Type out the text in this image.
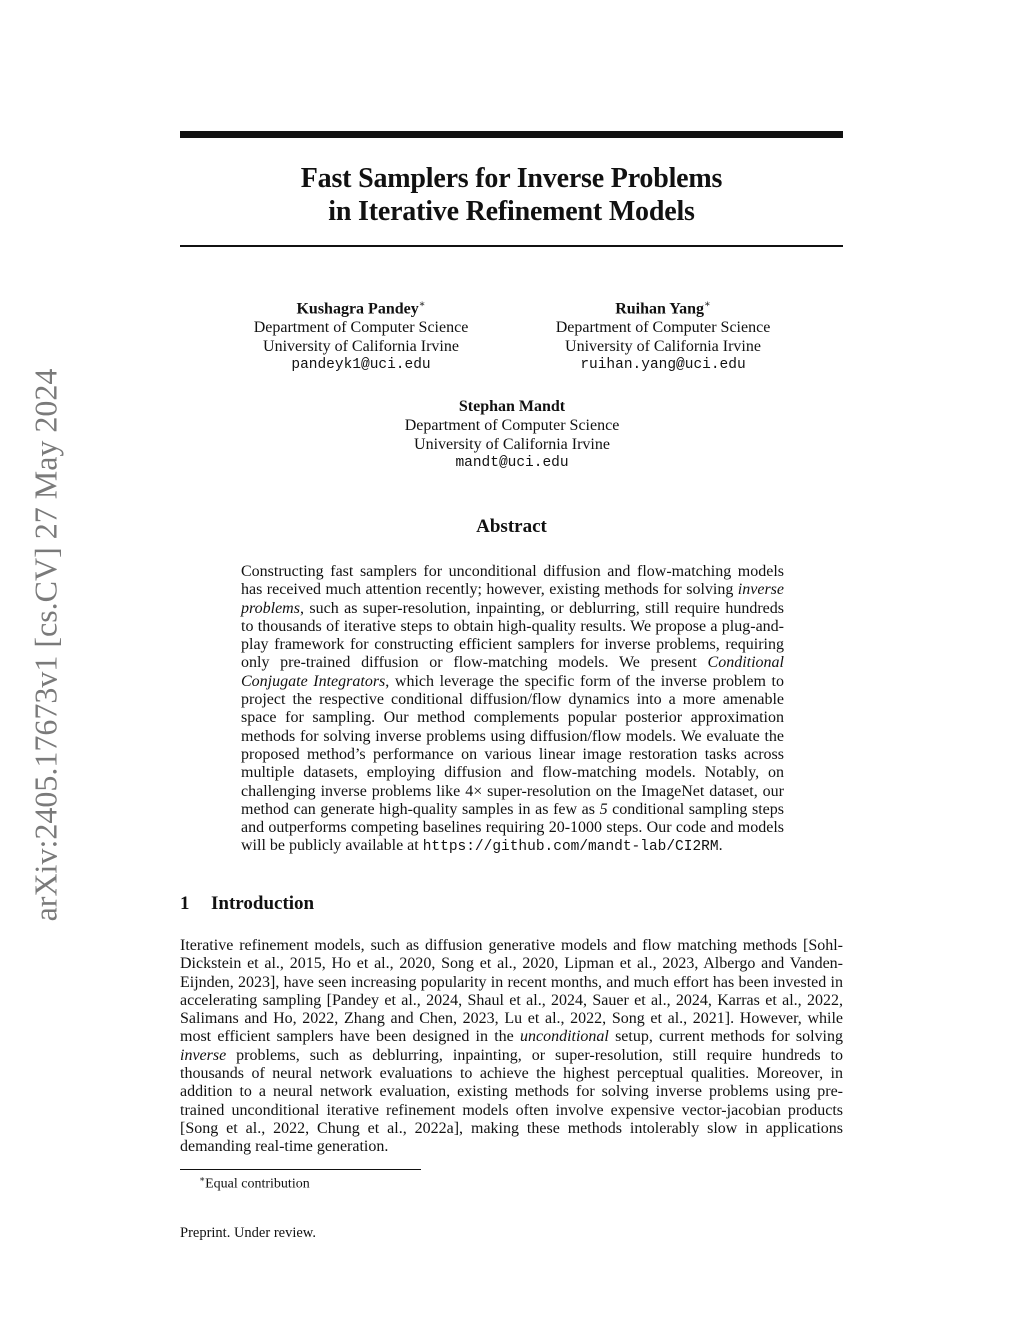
arXiv:2405.17673v1 [cs.CV] 27 May 2024
Fast Samplers for Inverse Problems
in Iterative Refinement Models
Kushagra Pandey∗
Department of Computer Science
University of California Irvine
pandeyk1@uci.edu
Ruihan Yang∗
Department of Computer Science
University of California Irvine
ruihan.yang@uci.edu
Stephan Mandt
Department of Computer Science
University of California Irvine
mandt@uci.edu
Abstract
Constructing fast samplers for unconditional diffusion and flow-matching models has received much attention recently; however, existing methods for solving inverse problems, such as super-resolution, inpainting, or deblurring, still require hundreds to thousands of iterative steps to obtain high-quality results. We propose a plug-and-play framework for constructing efficient samplers for inverse problems, requiring only pre-trained diffusion or flow-matching models. We present Conditional Conjugate Integrators, which leverage the specific form of the inverse problem to project the respective conditional diffusion/flow dynamics into a more amenable space for sampling. Our method complements popular posterior approximation methods for solving inverse problems using diffusion/flow models. We evaluate the proposed method’s performance on various linear image restoration tasks across multiple datasets, employing diffusion and flow-matching models. Notably, on challenging inverse problems like 4× super-resolution on the ImageNet dataset, our method can generate high-quality samples in as few as 5 conditional sampling steps and outperforms competing baselines requiring 20-1000 steps. Our code and models will be publicly available at https://github.com/mandt-lab/CI2RM.
1 Introduction
Iterative refinement models, such as diffusion generative models and flow matching methods [Sohl-Dickstein et al., 2015, Ho et al., 2020, Song et al., 2020, Lipman et al., 2023, Albergo and Vanden-Eijnden, 2023], have seen increasing popularity in recent months, and much effort has been invested in accelerating sampling [Pandey et al., 2024, Shaul et al., 2024, Sauer et al., 2024, Karras et al., 2022, Salimans and Ho, 2022, Zhang and Chen, 2023, Lu et al., 2022, Song et al., 2021]. However, while most efficient samplers have been designed in the unconditional setup, current methods for solving inverse problems, such as deblurring, inpainting, or super-resolution, still require hundreds to thousands of neural network evaluations to achieve the highest perceptual qualities. Moreover, in addition to a neural network evaluation, existing methods for solving inverse problems using pre-trained unconditional iterative refinement models often involve expensive vector-jacobian products [Song et al., 2022, Chung et al., 2022a], making these methods intolerably slow in applications demanding real-time generation.
∗Equal contribution
Preprint. Under review.
